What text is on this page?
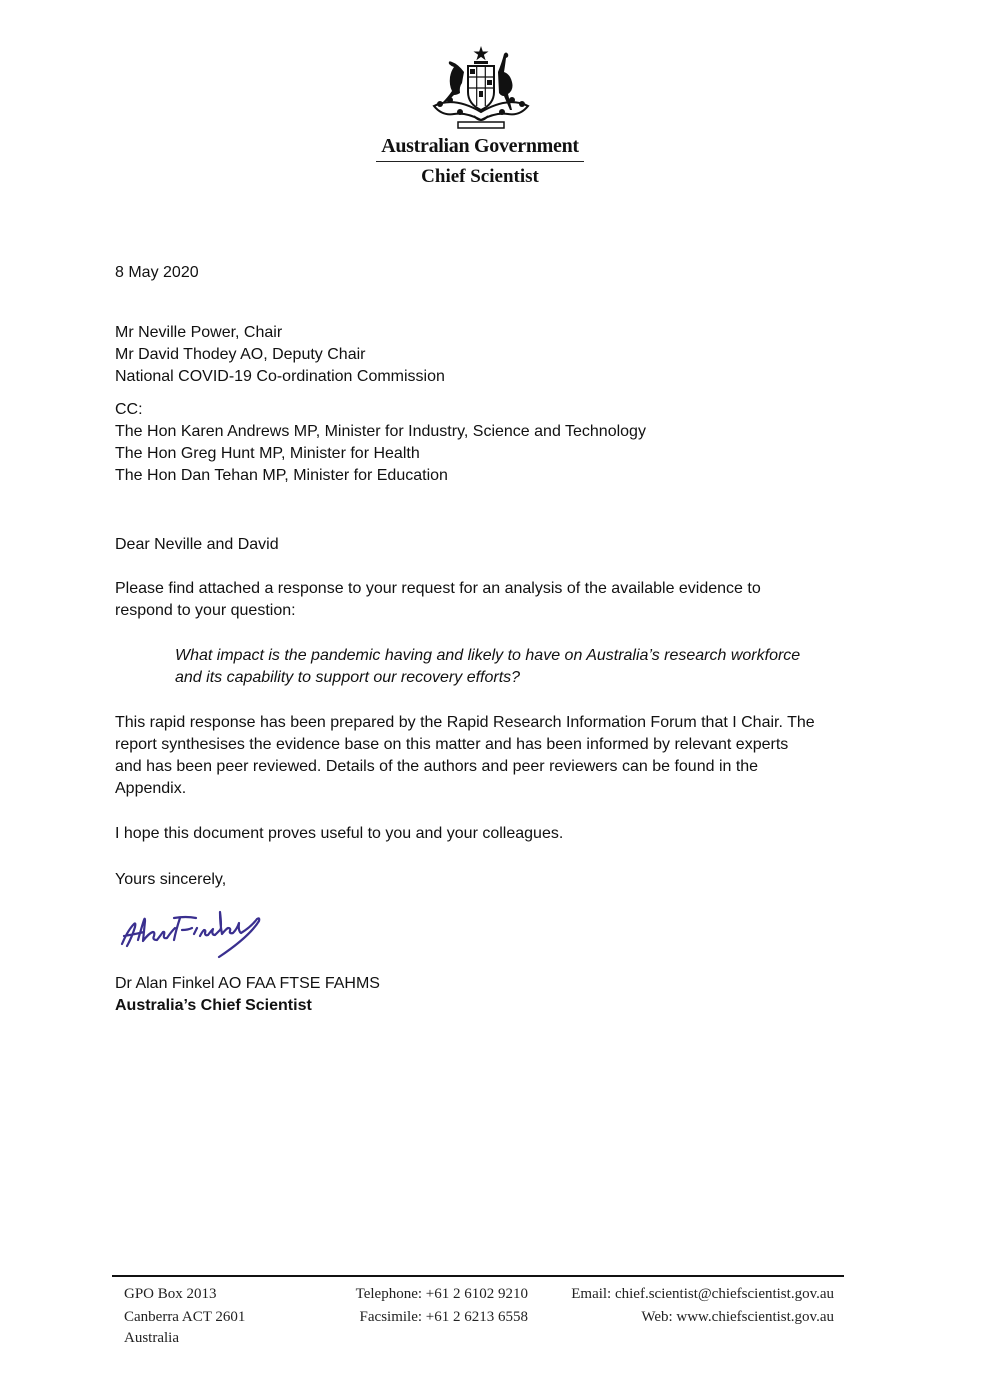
Australian Government
Chief Scientist
8 May 2020
Mr Neville Power, Chair
Mr David Thodey AO, Deputy Chair
National COVID-19 Co-ordination Commission
CC:
The Hon Karen Andrews MP, Minister for Industry, Science and Technology
The Hon Greg Hunt MP, Minister for Health
The Hon Dan Tehan MP, Minister for Education
Dear Neville and David
Please find attached a response to your request for an analysis of the available evidence to
respond to your question:
What impact is the pandemic having and likely to have on Australia’s research workforce
and its capability to support our recovery efforts?
This rapid response has been prepared by the Rapid Research Information Forum that I Chair. The
report synthesises the evidence base on this matter and has been informed by relevant experts
and has been peer reviewed. Details of the authors and peer reviewers can be found in the
Appendix.
I hope this document proves useful to you and your colleagues.
Yours sincerely,
Dr Alan Finkel AO FAA FTSE FAHMS
Australia’s Chief Scientist
GPO Box 2013
Canberra ACT 2601
Australia
Telephone: +61 2 6102 9210
Facsimile: +61 2 6213 6558
Email: chief.scientist@chiefscientist.gov.au
Web: www.chiefscientist.gov.au
